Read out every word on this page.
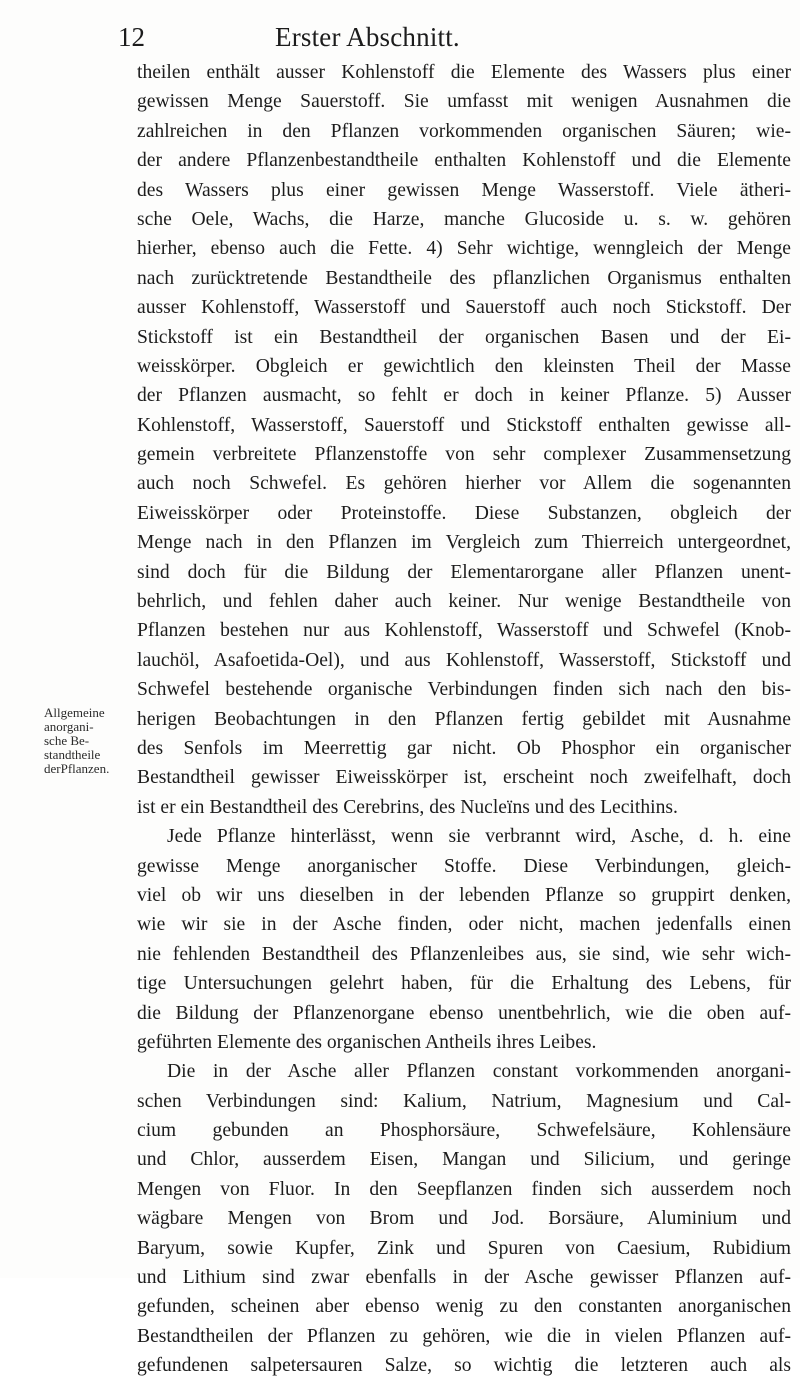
12	Erster Abschnitt.
Allgemeine
anorgani-
sche Be-
standtheile
derPflanzen.
theilen enthält ausser Kohlenstoff die Elemente des Wassers plus einer
gewissen Menge Sauerstoff. Sie umfasst mit wenigen Ausnahmen die
zahlreichen in den Pflanzen vorkommenden organischen Säuren; wie-
der andere Pflanzenbestandtheile enthalten Kohlenstoff und die Elemente
des Wassers plus einer gewissen Menge Wasserstoff. Viele ätheri-
sche Oele, Wachs, die Harze, manche Glucoside u. s. w. gehören
hierher, ebenso auch die Fette. 4) Sehr wichtige, wenngleich der Menge
nach zurücktretende Bestandtheile des pflanzlichen Organismus enthalten
ausser Kohlenstoff, Wasserstoff und Sauerstoff auch noch Stickstoff. Der
Stickstoff ist ein Bestandtheil der organischen Basen und der Ei-
weisskörper. Obgleich er gewichtlich den kleinsten Theil der Masse
der Pflanzen ausmacht, so fehlt er doch in keiner Pflanze. 5) Ausser
Kohlenstoff, Wasserstoff, Sauerstoff und Stickstoff enthalten gewisse all-
gemein verbreitete Pflanzenstoffe von sehr complexer Zusammensetzung
auch noch Schwefel. Es gehören hierher vor Allem die sogenannten
Eiweisskörper oder Proteinstoffe. Diese Substanzen, obgleich der
Menge nach in den Pflanzen im Vergleich zum Thierreich untergeordnet,
sind doch für die Bildung der Elementarorgane aller Pflanzen unent-
behrlich, und fehlen daher auch keiner. Nur wenige Bestandtheile von
Pflanzen bestehen nur aus Kohlenstoff, Wasserstoff und Schwefel (Knob-
lauchöl, Asafoetida-Oel), und aus Kohlenstoff, Wasserstoff, Stickstoff und
Schwefel bestehende organische Verbindungen finden sich nach den bis-
herigen Beobachtungen in den Pflanzen fertig gebildet mit Ausnahme
des Senfols im Meerrettig gar nicht. Ob Phosphor ein organischer
Bestandtheil gewisser Eiweisskörper ist, erscheint noch zweifelhaft, doch
ist er ein Bestandtheil des Cerebrins, des Nucleïns und des Lecithins.
Jede Pflanze hinterlässt, wenn sie verbrannt wird, Asche, d. h. eine
gewisse Menge anorganischer Stoffe. Diese Verbindungen, gleich-
viel ob wir uns dieselben in der lebenden Pflanze so gruppirt denken,
wie wir sie in der Asche finden, oder nicht, machen jedenfalls einen
nie fehlenden Bestandtheil des Pflanzenleibes aus, sie sind, wie sehr wich-
tige Untersuchungen gelehrt haben, für die Erhaltung des Lebens, für
die Bildung der Pflanzenorgane ebenso unentbehrlich, wie die oben auf-
geführten Elemente des organischen Antheils ihres Leibes.
Die in der Asche aller Pflanzen constant vorkommenden anorgani-
schen Verbindungen sind: Kalium, Natrium, Magnesium und Cal-
cium gebunden an Phosphorsäure, Schwefelsäure, Kohlensäure
und Chlor, ausserdem Eisen, Mangan und Silicium, und geringe
Mengen von Fluor. In den Seepflanzen finden sich ausserdem noch
wägbare Mengen von Brom und Jod. Borsäure, Aluminium und
Baryum, sowie Kupfer, Zink und Spuren von Caesium, Rubidium
und Lithium sind zwar ebenfalls in der Asche gewisser Pflanzen auf-
gefunden, scheinen aber ebenso wenig zu den constanten anorganischen
Bestandtheilen der Pflanzen zu gehören, wie die in vielen Pflanzen auf-
gefundenen salpetersauren Salze, so wichtig die letzteren auch als
